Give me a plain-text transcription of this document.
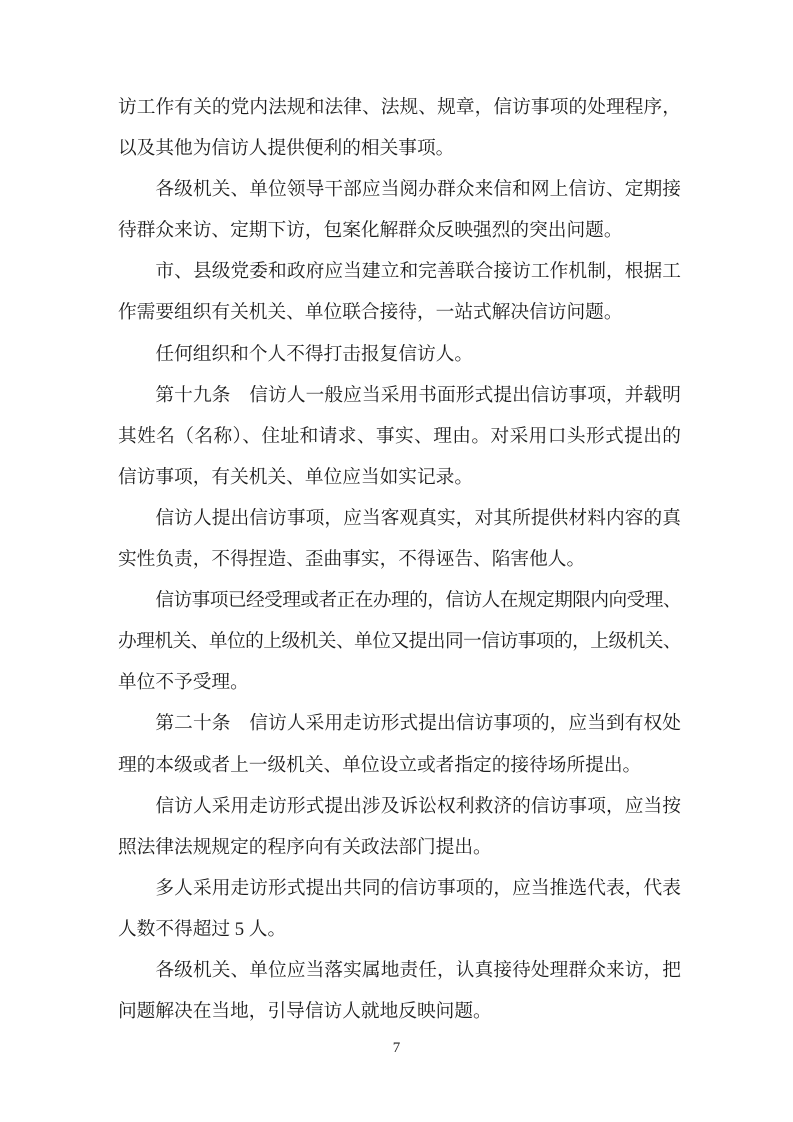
访工作有关的党内法规和法律、法规、规章，信访事项的处理程序，
以及其他为信访人提供便利的相关事项。
各级机关、单位领导干部应当阅办群众来信和网上信访、定期接
待群众来访、定期下访，包案化解群众反映强烈的突出问题。
市、县级党委和政府应当建立和完善联合接访工作机制，根据工
作需要组织有关机关、单位联合接待，一站式解决信访问题。
任何组织和个人不得打击报复信访人。
第十九条　信访人一般应当采用书面形式提出信访事项，并载明
其姓名（名称）、住址和请求、事实、理由。对采用口头形式提出的
信访事项，有关机关、单位应当如实记录。
信访人提出信访事项，应当客观真实，对其所提供材料内容的真
实性负责，不得捏造、歪曲事实，不得诬告、陷害他人。
信访事项已经受理或者正在办理的，信访人在规定期限内向受理、
办理机关、单位的上级机关、单位又提出同一信访事项的，上级机关、
单位不予受理。
第二十条　信访人采用走访形式提出信访事项的，应当到有权处
理的本级或者上一级机关、单位设立或者指定的接待场所提出。
信访人采用走访形式提出涉及诉讼权利救济的信访事项，应当按
照法律法规规定的程序向有关政法部门提出。
多人采用走访形式提出共同的信访事项的，应当推选代表，代表
人数不得超过 5 人。
各级机关、单位应当落实属地责任，认真接待处理群众来访，把
问题解决在当地，引导信访人就地反映问题。
7
